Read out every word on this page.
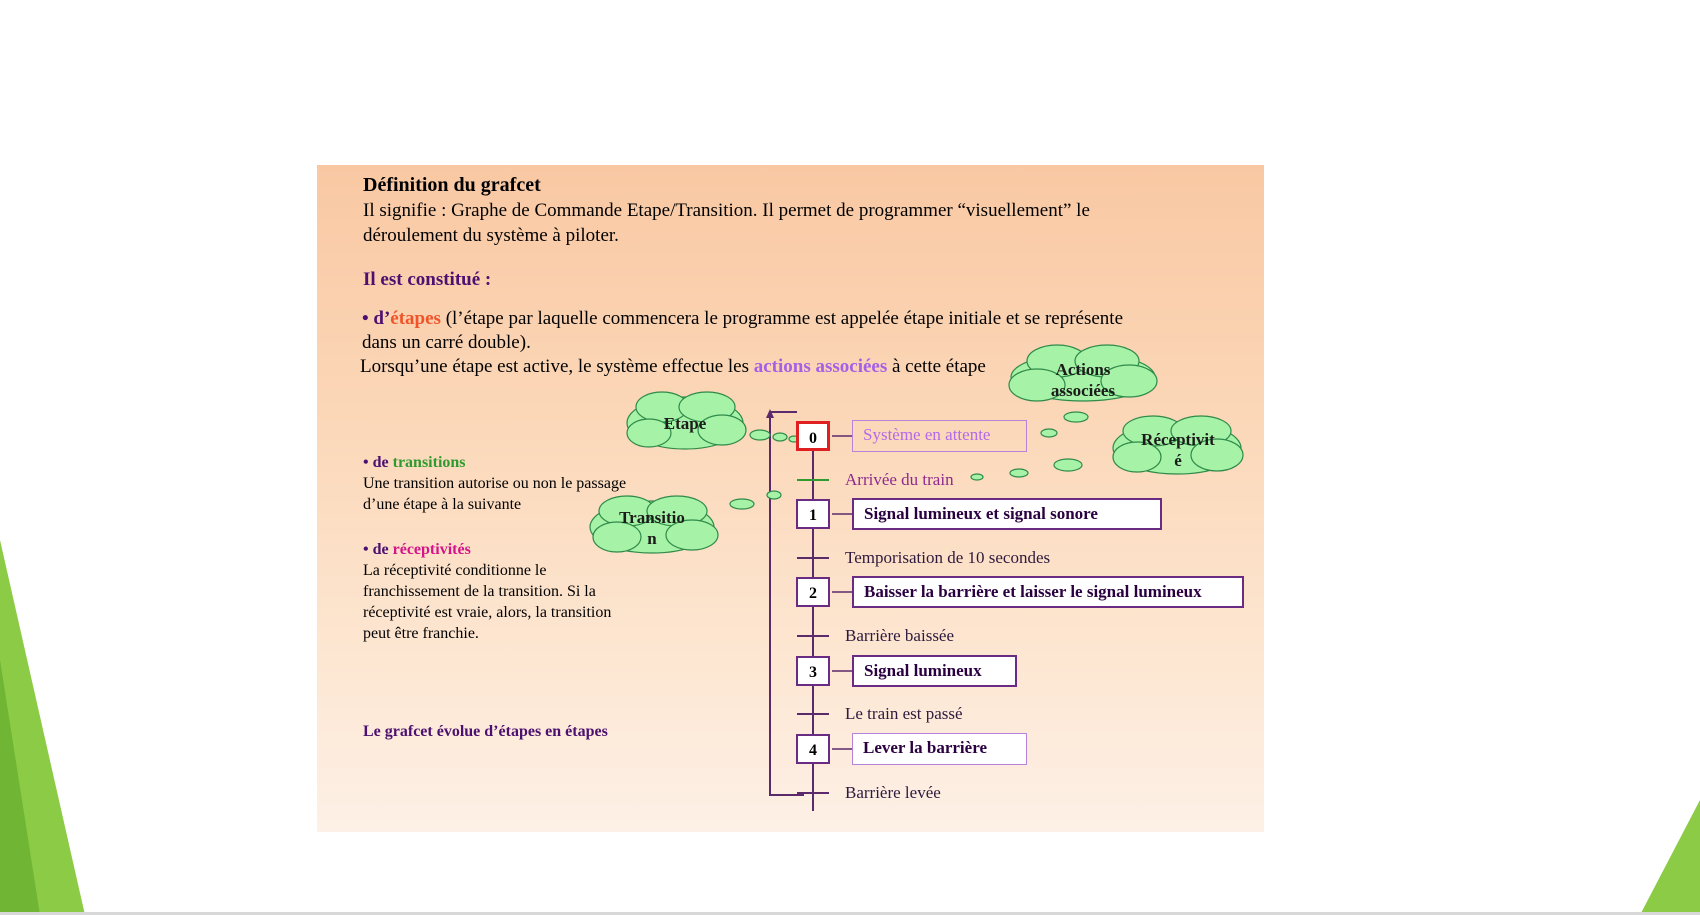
Définition du grafcet
Il signifie : Graphe de Commande Etape/Transition. Il permet de programmer “visuellement” le
déroulement du système à piloter.
Il est constitué :
• d’étapes (l’étape par laquelle commencera le programme est appelée étape initiale et se représente
dans un carré double).
Lorsqu’une étape est active, le système effectue les actions associées à cette étape
• de transitions
Une transition autorise ou non le passage
d’une étape à la suivante
• de réceptivités
La réceptivité conditionne le
franchissement de la transition. Si la
réceptivité est vraie, alors, la transition
peut être franchie.
Le grafcet évolue d’étapes en étapes
Actions
associées
Etape
Réceptivit
é
Transitio
n
0
1
2
3
4
Système en attente
Signal lumineux et signal sonore
Baisser la barrière et laisser le signal lumineux
Signal lumineux
Lever la barrière
Arrivée du train
Temporisation de 10 secondes
Barrière baissée
Le train est passé
Barrière levée
